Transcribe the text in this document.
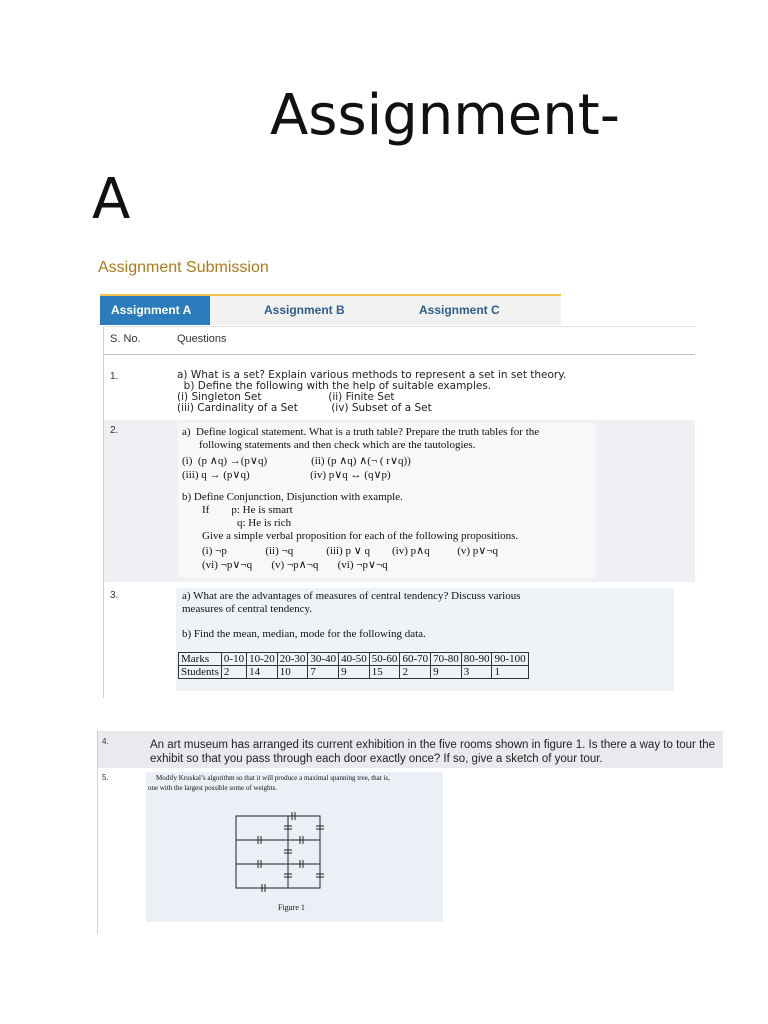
Assignment-
A
Assignment Submission
Assignment A	Assignment B	Assignment C
S. No.	Questions
1.	a) What is a set? Explain various methods to represent a set in set theory.
b) Define the following with the help of suitable examples.
(i) Singleton Set                    (ii) Finite Set
(iii) Cardinality of a Set          (iv) Subset of a Set
2.	a)  Define logical statement. What is a truth table? Prepare the truth tables for the
following statements and then check which are the tautologies.
(i)  (p ∧q) →(p∨q)                (ii) (p ∧q) ∧(¬ ( r∨q))
(iii) q → (p∨q)                      (iv) p∨q ↔ (q∨p)
b) Define Conjunction, Disjunction with example.
If        p: He is smart
q: He is rich
Give a simple verbal proposition for each of the following propositions.
(i) ¬p              (ii) ¬q            (iii) p ∨ q        (iv) p∧q          (v) p∨¬q
(vi) ¬p∨¬q       (v) ¬p∧¬q       (vi) ¬p∨¬q
3.	a) What are the advantages of measures of central tendency? Discuss various
measures of central tendency.
b) Find the mean, median, mode for the following data.
Marks	0-10	10-20	20-30	30-40	40-50	50-60	60-70	70-80	80-90	90-100
Students	2	14	10	7	9	15	2	9	3	1
4.	An art museum has arranged its current exhibition in the five rooms shown in figure 1. Is there a way to tour the exhibit so that you pass through each door exactly once? If so, give a sketch of your tour.
5.	Modify Kruskal’s algorithm so that it will produce a maximal spanning tree, that is,
one with the largest possible some of weights.
Figure 1
